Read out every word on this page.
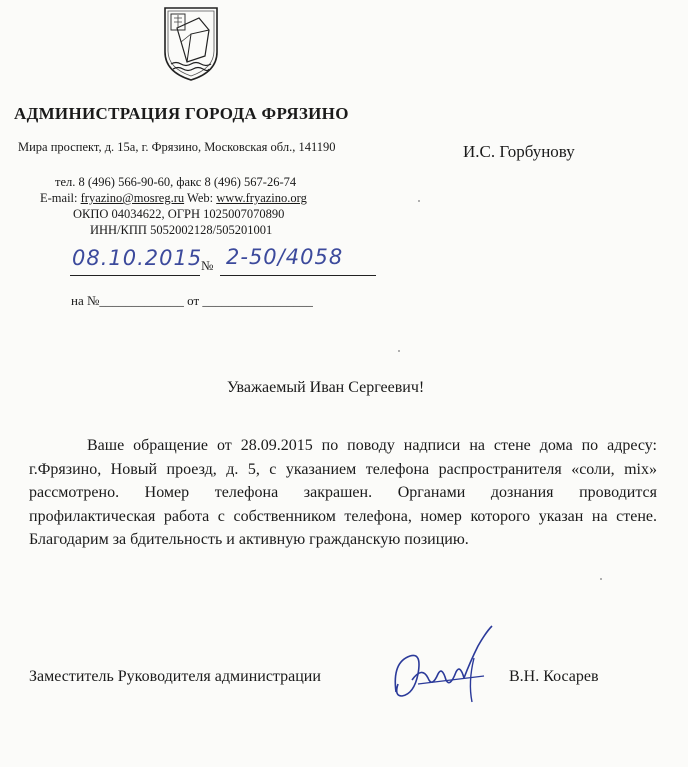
АДМИНИСТРАЦИЯ ГОРОДА ФРЯЗИНО
Мира проспект, д. 15а, г. Фрязино, Московская обл., 141190	И.С. Горбунову
тел. 8 (496) 566-90-60, факс 8 (496) 567-26-74
E-mail: fryazino@mosreg.ru Web: www.fryazino.org
ОКПО 04034622, ОГРН 1025007070890
ИНН/КПП 5052002128/505201001
08.10.2015
№ 2-50/4058
на №_____________ от _________________
Уважаемый Иван Сергеевич!
Ваше обращение от 28.09.2015 по поводу надписи на стене дома по адресу: г.Фрязино, Новый проезд, д. 5, с указанием телефона распространителя «соли, mix» рассмотрено. Номер телефона закрашен. Органами дознания проводится профилактическая работа с собственником телефона, номер которого указан на стене. Благодарим за бдительность и активную гражданскую позицию.
Заместитель Руководителя администрации	В.Н. Косарев
